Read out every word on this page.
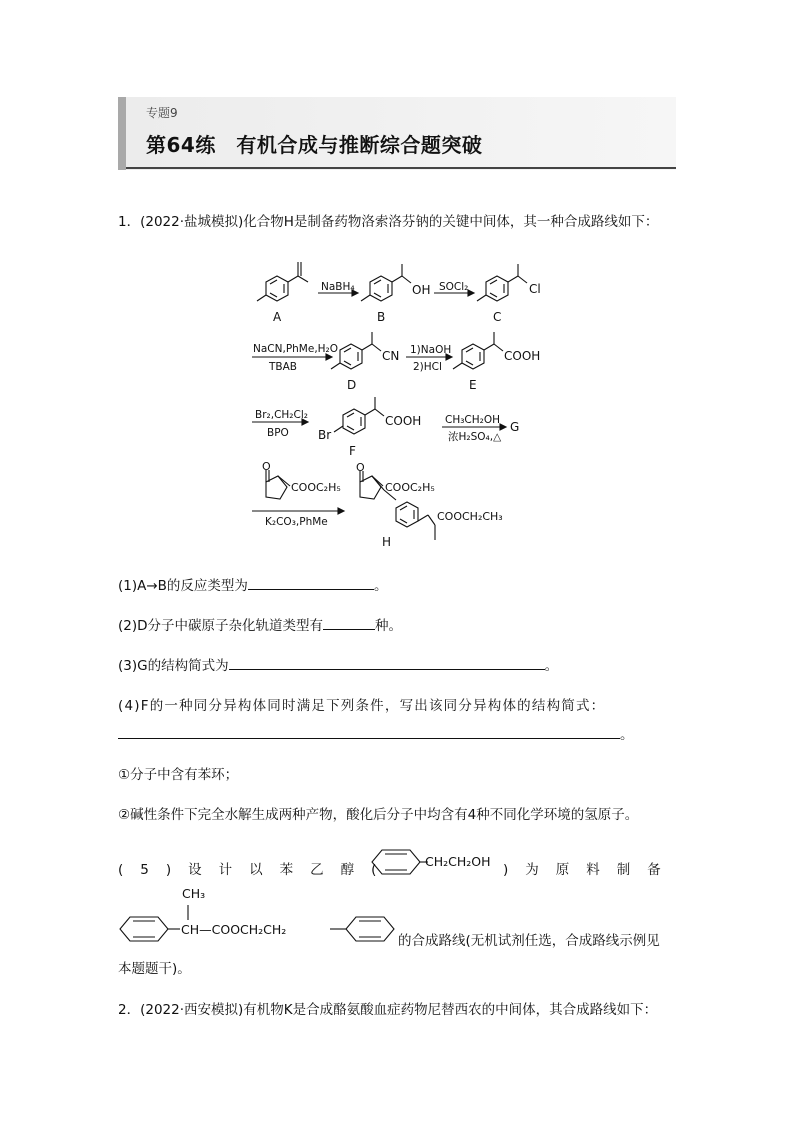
专题9
第64练　有机合成与推断综合题突破
1．(2022·盐城模拟)化合物H是制备药物洛索洛芬钠的关键中间体，其一种合成路线如下：
A	B	C
NaBH₄	SOCl₂
OH	Cl
NaCN,PhMe,H₂O
TBAB
CN
D
1)NaOH
2)HCl
COOH
E
Br₂,CH₂Cl₂
BPO Br
COOH
F
CH₃CH₂OH
浓H₂SO₄,△
G
O
COOC₂H₅
K₂CO₃,PhMe
O
COOC₂H₅
COOCH₂CH₃
H
(1)A→B的反应类型为	。
(2)D分子中碳原子杂化轨道类型有	种。
(3)G的结构简式为	。
(4)F的一种同分异构体同时满足下列条件，写出该同分异构体的结构简式：
。
①分子中含有苯环；
②碱性条件下完全水解生成两种产物，酸化后分子中均含有4种不同化学环境的氢原子。
(5)设计以苯乙醇(
CH₂CH₂OH
)为原料制备
CH₃
CH—COOCH₂CH₂
的合成路线(无机试剂任选，合成路线示例见
本题题干)。
2．(2022·西安模拟)有机物K是合成酪氨酸血症药物尼替西农的中间体，其合成路线如下：
